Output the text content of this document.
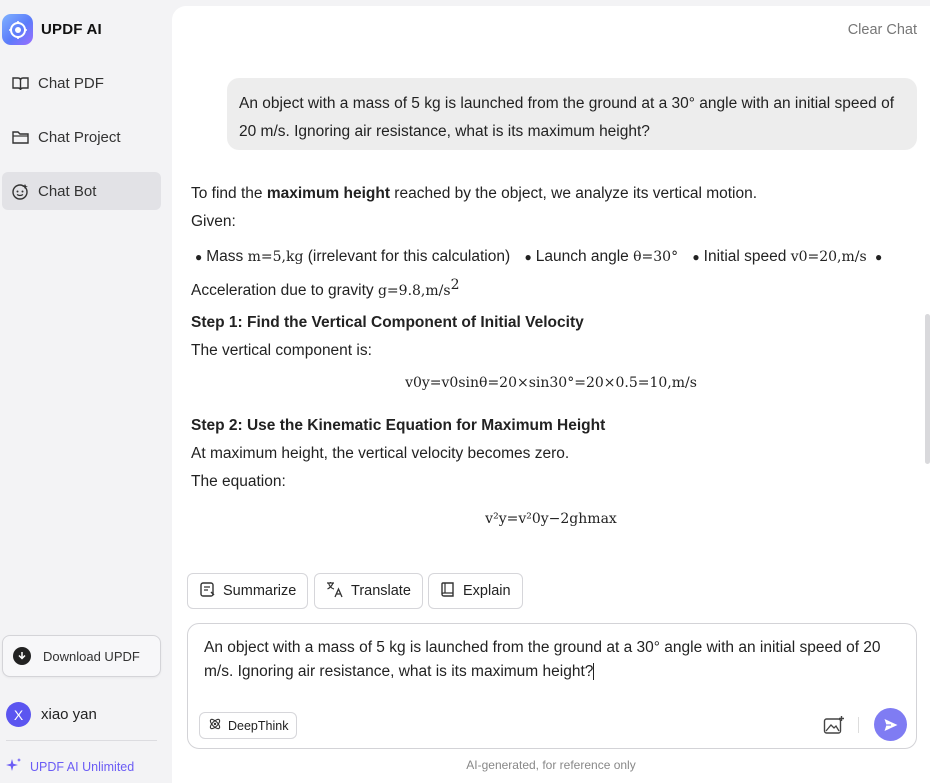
UPDF AI
Chat PDF
Chat Project
Chat Bot
Download UPDF
X	xiao yan
UPDF AI Unlimited
Clear Chat
An object with a mass of 5 kg is launched from the ground at a 30° angle with an initial speed of 20 m/s. Ignoring air resistance, what is its maximum height?
To find the maximum height reached by the object, we analyze its vertical motion.
Given:
● Mass m=5,kg (irrelevant for this calculation) ● Launch angle θ=30° ● Initial speed v0=20,m/s ●
Acceleration due to gravity $g=9.8,m/s^2$
Step 1: Find the Vertical Component of Initial Velocity
The vertical component is:
v0y=v0sinθ=20×sin30°=20×0.5=10,m/s
Step 2: Use the Kinematic Equation for Maximum Height
At maximum height, the vertical velocity becomes zero.
The equation:
v²y=v²0y−2ghmax
Summarize	Translate	Explain
An object with a mass of 5 kg is launched from the ground at a 30° angle with an initial speed of 20 m/s. Ignoring air resistance, what is its maximum height?
DeepThink
AI-generated, for reference only
